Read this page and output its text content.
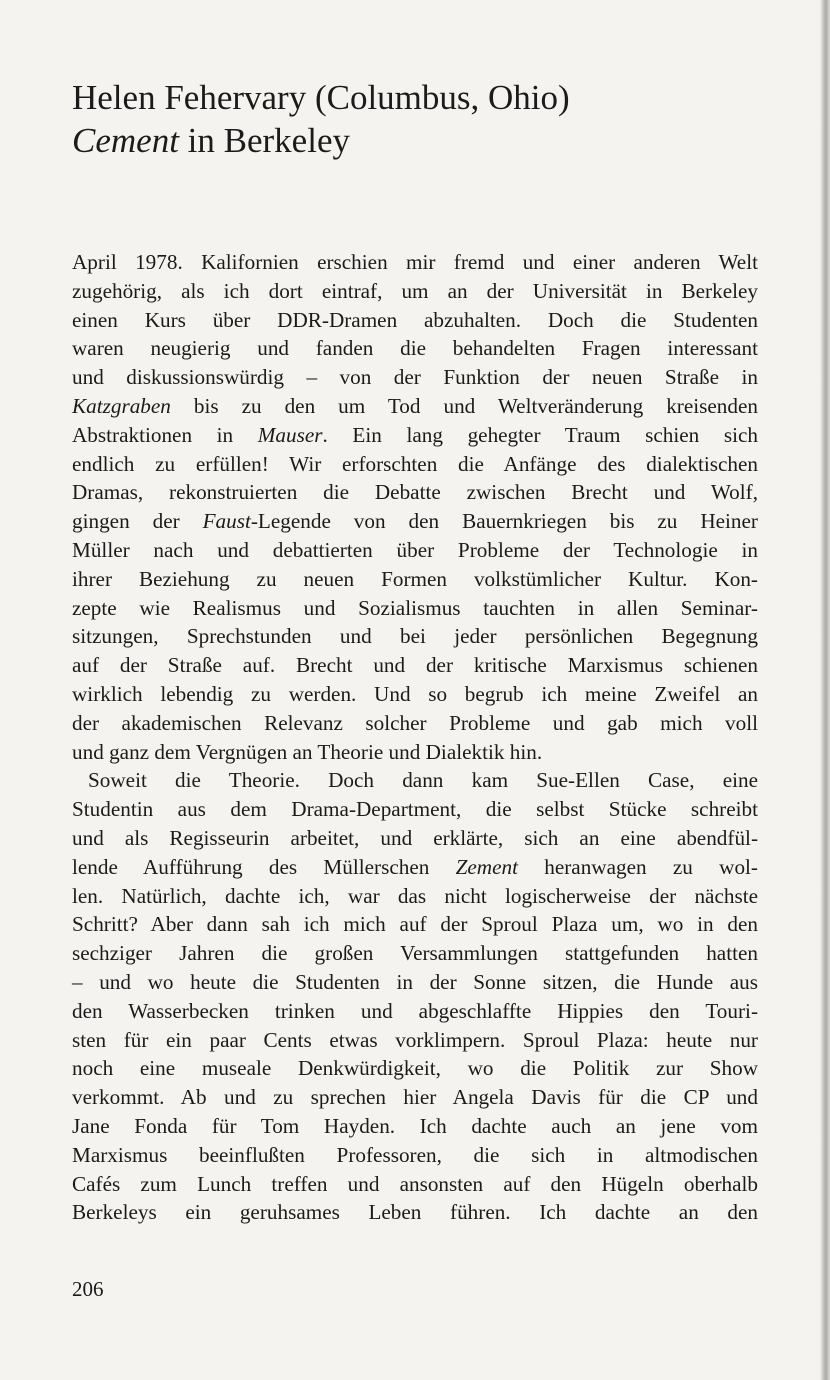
Helen Fehervary (Columbus, Ohio)
Cement in Berkeley
April 1978. Kalifornien erschien mir fremd und einer anderen Welt
zugehörig, als ich dort eintraf, um an der Universität in Berkeley
einen Kurs über DDR-Dramen abzuhalten. Doch die Studenten
waren neugierig und fanden die behandelten Fragen interessant
und diskussionswürdig – von der Funktion der neuen Straße in
Katzgraben bis zu den um Tod und Weltveränderung kreisenden
Abstraktionen in Mauser. Ein lang gehegter Traum schien sich
endlich zu erfüllen! Wir erforschten die Anfänge des dialektischen
Dramas, rekonstruierten die Debatte zwischen Brecht und Wolf,
gingen der Faust-Legende von den Bauernkriegen bis zu Heiner
Müller nach und debattierten über Probleme der Technologie in
ihrer Beziehung zu neuen Formen volkstümlicher Kultur. Kon-
zepte wie Realismus und Sozialismus tauchten in allen Seminar-
sitzungen, Sprechstunden und bei jeder persönlichen Begegnung
auf der Straße auf. Brecht und der kritische Marxismus schienen
wirklich lebendig zu werden. Und so begrub ich meine Zweifel an
der akademischen Relevanz solcher Probleme und gab mich voll
und ganz dem Vergnügen an Theorie und Dialektik hin.
Soweit die Theorie. Doch dann kam Sue-Ellen Case, eine
Studentin aus dem Drama-Department, die selbst Stücke schreibt
und als Regisseurin arbeitet, und erklärte, sich an eine abendfül-
lende Aufführung des Müllerschen Zement heranwagen zu wol-
len. Natürlich, dachte ich, war das nicht logischerweise der nächste
Schritt? Aber dann sah ich mich auf der Sproul Plaza um, wo in den
sechziger Jahren die großen Versammlungen stattgefunden hatten
– und wo heute die Studenten in der Sonne sitzen, die Hunde aus
den Wasserbecken trinken und abgeschlaffte Hippies den Touri-
sten für ein paar Cents etwas vorklimpern. Sproul Plaza: heute nur
noch eine museale Denkwürdigkeit, wo die Politik zur Show
verkommt. Ab und zu sprechen hier Angela Davis für die CP und
Jane Fonda für Tom Hayden. Ich dachte auch an jene vom
Marxismus beeinflußten Professoren, die sich in altmodischen
Cafés zum Lunch treffen und ansonsten auf den Hügeln oberhalb
Berkeleys ein geruhsames Leben führen. Ich dachte an den
206
